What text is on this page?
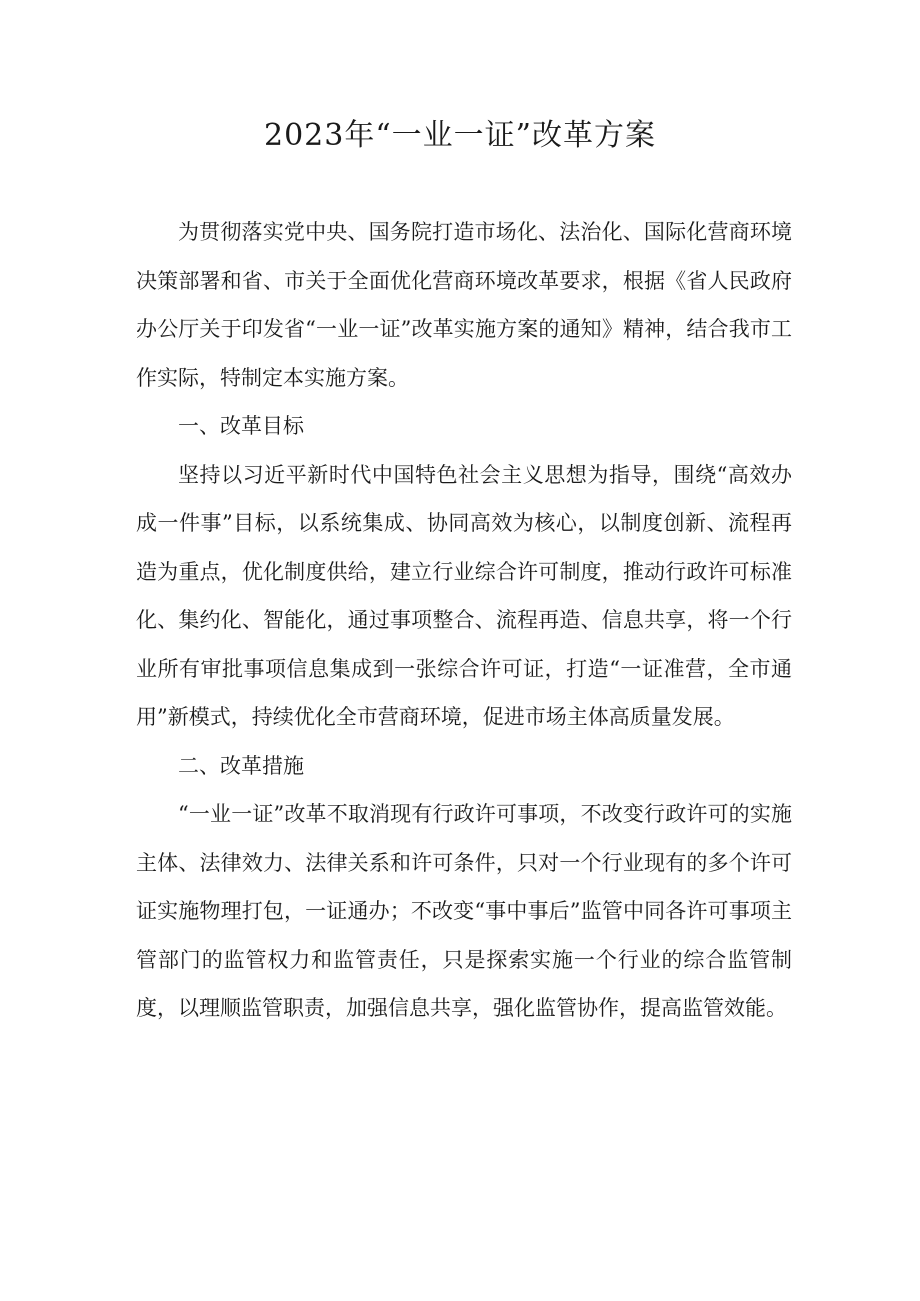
2023年“一业一证”改革方案

为贯彻落实党中央、国务院打造市场化、法治化、国际化营商环境决策部署和省、市关于全面优化营商环境改革要求，根据《省人民政府办公厅关于印发省“一业一证”改革实施方案的通知》精神，结合我市工作实际，特制定本实施方案。

一、改革目标

坚持以习近平新时代中国特色社会主义思想为指导，围绕“高效办成一件事”目标，以系统集成、协同高效为核心，以制度创新、流程再造为重点，优化制度供给，建立行业综合许可制度，推动行政许可标准化、集约化、智能化，通过事项整合、流程再造、信息共享，将一个行业所有审批事项信息集成到一张综合许可证，打造“一证准营，全市通用”新模式，持续优化全市营商环境，促进市场主体高质量发展。

二、改革措施

“一业一证”改革不取消现有行政许可事项，不改变行政许可的实施主体、法律效力、法律关系和许可条件，只对一个行业现有的多个许可证实施物理打包，一证通办；不改变“事中事后”监管中同各许可事项主管部门的监管权力和监管责任，只是探索实施一个行业的综合监管制度，以理顺监管职责，加强信息共享，强化监管协作，提高监管效能。
